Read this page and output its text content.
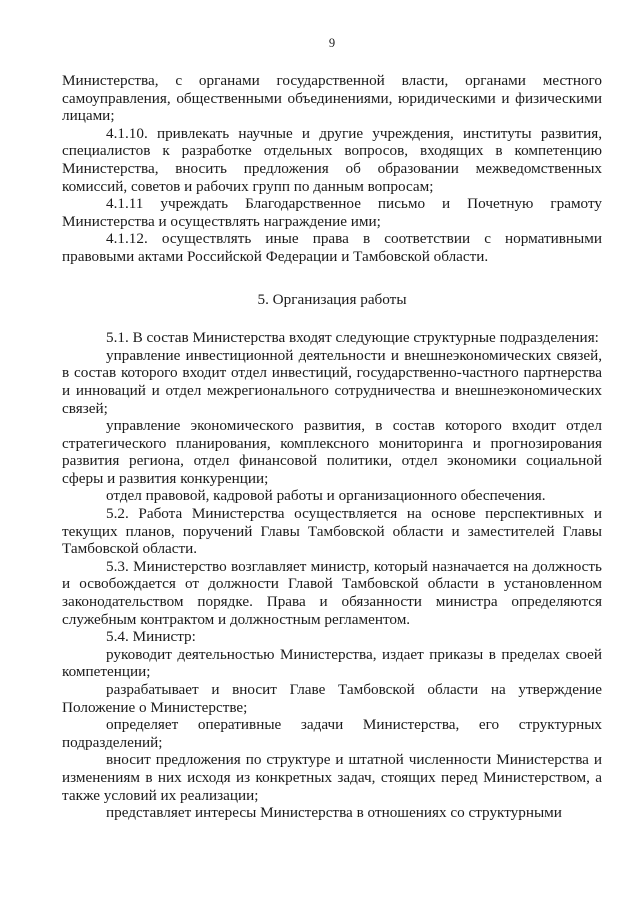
9

Министерства, с органами государственной власти, органами местного самоуправления, общественными объединениями, юридическими и физическими лицами;

4.1.10. привлекать научные и другие учреждения, институты развития, специалистов к разработке отдельных вопросов, входящих в компетенцию Министерства, вносить предложения об образовании межведомственных комиссий, советов и рабочих групп по данным вопросам;

4.1.11 учреждать Благодарственное письмо и Почетную грамоту Министерства и осуществлять награждение ими;

4.1.12. осуществлять иные права в соответствии с нормативными правовыми актами Российской Федерации и Тамбовской области.

5. Организация работы

5.1. В состав Министерства входят следующие структурные подразделения:

управление инвестиционной деятельности и внешнеэкономических связей, в состав которого входит отдел инвестиций, государственно-частного партнерства и инноваций и отдел межрегионального сотрудничества и внешнеэкономических связей;

управление экономического развития, в состав которого входит отдел стратегического планирования, комплексного мониторинга и прогнозирования развития региона, отдел финансовой политики, отдел экономики социальной сферы и развития конкуренции;

отдел правовой, кадровой работы и организационного обеспечения.

5.2. Работа Министерства осуществляется на основе перспективных и текущих планов, поручений Главы Тамбовской области и заместителей Главы Тамбовской области.

5.3. Министерство возглавляет министр, который назначается на должность и освобождается от должности Главой Тамбовской области в установленном законодательством порядке. Права и обязанности министра определяются служебным контрактом и должностным регламентом.

5.4. Министр:

руководит деятельностью Министерства, издает приказы в пределах своей компетенции;

разрабатывает и вносит Главе Тамбовской области на утверждение Положение о Министерстве;

определяет оперативные задачи Министерства, его структурных подразделений;

вносит предложения по структуре и штатной численности Министерства и изменениям в них исходя из конкретных задач, стоящих перед Министерством, а также условий их реализации;

представляет интересы Министерства в отношениях со структурными
